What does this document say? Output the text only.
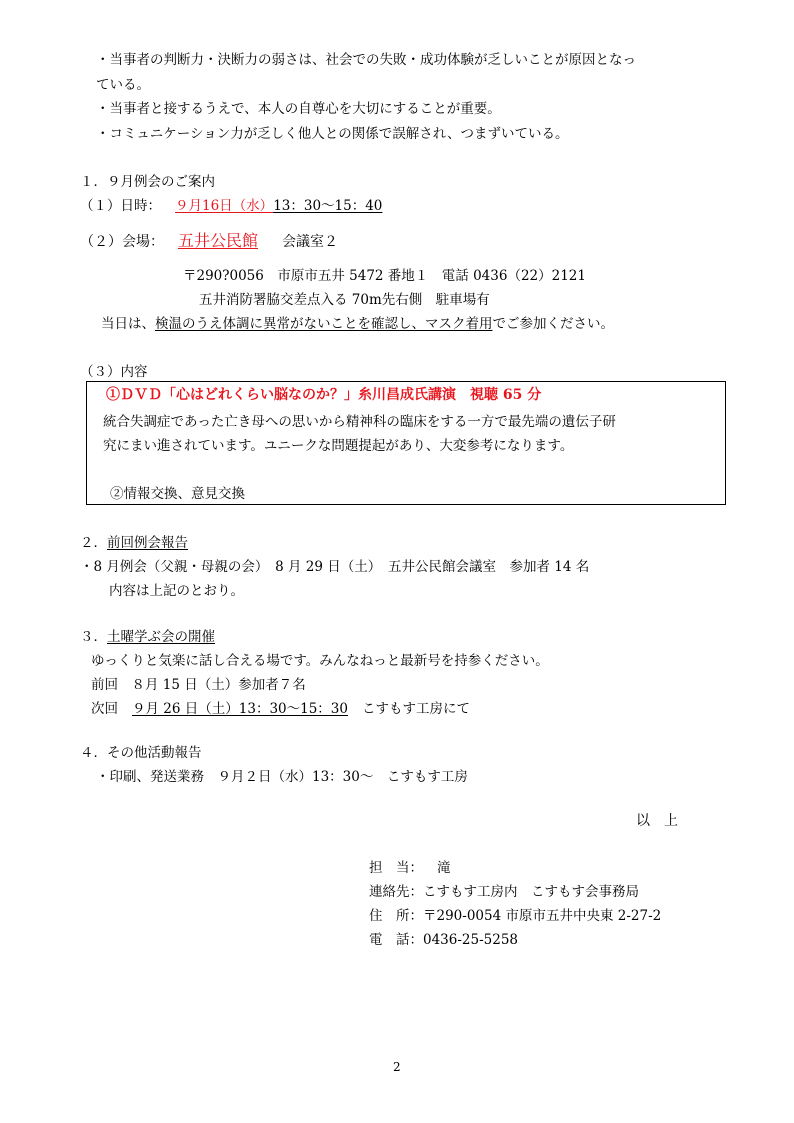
・当事者の判断力・決断力の弱さは、社会での失敗・成功体験が乏しいことが原因となっ
ている。
・当事者と接するうえで、本人の自尊心を大切にすることが重要。
・コミュニケーション力が乏しく他人との関係で誤解され、つまずいている。
１．９月例会のご案内
（１）日時： ９月16日（水）13：30～15：40
（２）会場： 五井公民館 会議室２
〒290?0056　市原市五井 5472 番地１　電話 0436（22）2121
五井消防署脇交差点入る 70m先右側　駐車場有
当日は、検温のうえ体調に異常がないことを確認し、マスク着用でご参加ください。
（３）内容
①ＤＶＤ「心はどれくらい脳なのか？」糸川昌成氏講演　視聴 65 分
統合失調症であった亡き母への思いから精神科の臨床をする一方で最先端の遺伝子研
究にまい進されています。ユニークな問題提起があり、大変参考になります。
②情報交換、意見交換
２．前回例会報告
・8 月例会（父親・母親の会）　8 月 29 日（土）　五井公民館会議室　参加者 14 名
内容は上記のとおり。
３．土曜学ぶ会の開催
ゆっくりと気楽に話し合える場です。みんなねっと最新号を持参ください。
前回　８月 15 日（土）参加者７名
次回 ９月 26 日（土）13：30～15：30 こすもす工房にて
４．その他活動報告
・印刷、発送業務　９月２日（水）13：30～　こすもす工房
以　上
担　当： 滝
連絡先：こすもす工房内　こすもす会事務局
住　所：〒290-0054 市原市五井中央東 2-27-2
電　話：0436-25-5258
2
